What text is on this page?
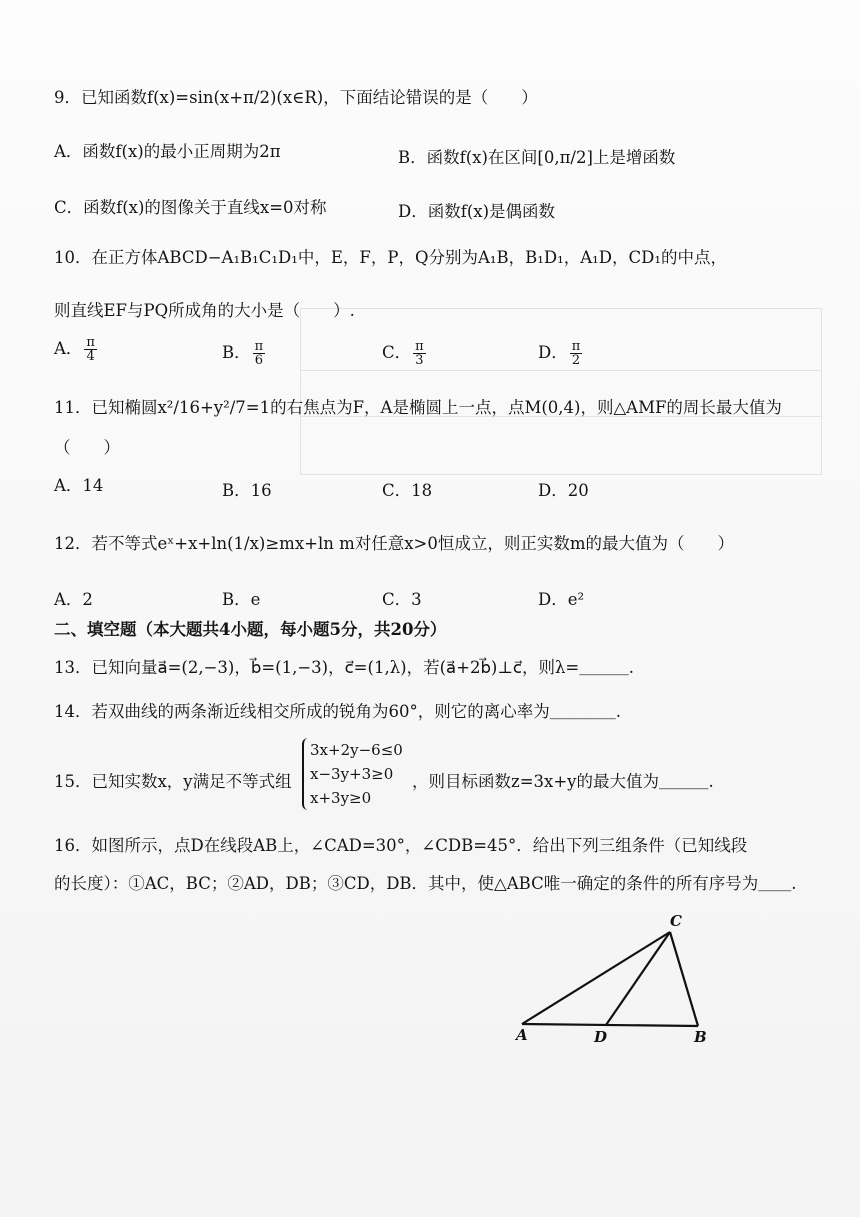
9．已知函数f(x)=sin(x+π/2)(x∈R)，下面结论错误的是（　　）
A．函数f(x)的最小正周期为2π	B．函数f(x)在区间[0,π/2]上是增函数
C．函数f(x)的图像关于直线x=0对称	D．函数f(x)是偶函数
10．在正方体ABCD−A₁B₁C₁D₁中，E，F，P，Q分别为A₁B，B₁D₁，A₁D，CD₁的中点，
则直线EF与PQ所成角的大小是（　　）.
A． $\frac{\pi}{4}$	B． $\frac{\pi}{6}$	C． $\frac{\pi}{3}$	D． $\frac{\pi}{2}$
11．已知椭圆x²/16+y²/7=1的右焦点为F，A是椭圆上一点，点M(0,4)，则△AMF的周长最大值为
（　　）
A．14	B．16	C．18	D．20
12．若不等式eˣ+x+ln(1/x)≥mx+ln m对任意x>0恒成立，则正实数m的最大值为（　　）
A．2	B．e	C．3	D．e²
二、填空题（本大题共4小题，每小题5分，共20分）
13．已知向量a⃗=(2,−3)，b⃗=(1,−3)，c⃗=(1,λ)，若(a⃗+2b⃗)⊥c⃗，则λ=＿＿＿.
14．若双曲线的两条渐近线相交所成的锐角为60°，则它的离心率为＿＿＿＿.
15．已知实数x，y满足不等式组
3x+2y−6≤0
x−3y+3≥0
x+3y≥0
，则目标函数z=3x+y的最大值为＿＿＿.
16．如图所示，点D在线段AB上，∠CAD=30°，∠CDB=45°．给出下列三组条件（已知线段
的长度）：①AC，BC；②AD，DB；③CD，DB．其中，使△ABC唯一确定的条件的所有序号为＿＿.
A	D	B
C
